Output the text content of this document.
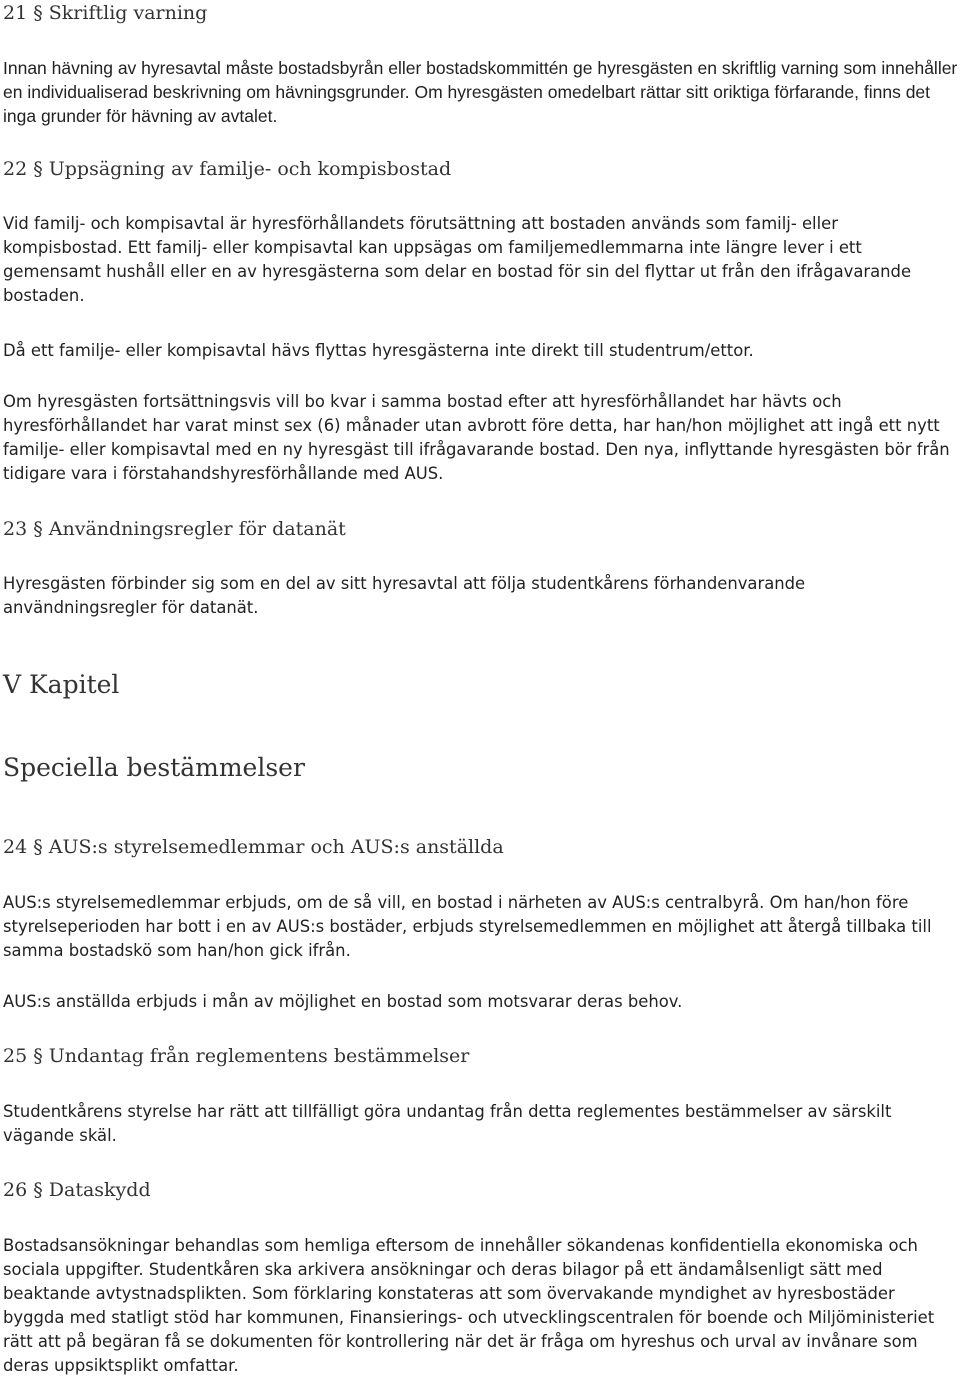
21 § Skriftlig varning

Innan hävning av hyresavtal måste bostadsbyrån eller bostadskommittén ge hyresgästen en skriftlig varning som innehåller en individualiserad beskrivning om hävningsgrunder. Om hyresgästen omedelbart rättar sitt oriktiga förfarande, finns det inga grunder för hävning av avtalet.

22 § Uppsägning av familje- och kompisbostad

Vid familj- och kompisavtal är hyresförhållandets förutsättning att bostaden används som familj- eller kompisbostad. Ett familj- eller kompisavtal kan uppsägas om familjemedlemmarna inte längre lever i ett gemensamt hushåll eller en av hyresgästerna som delar en bostad för sin del flyttar ut från den ifrågavarande bostaden.

Då ett familje- eller kompisavtal hävs flyttas hyresgästerna inte direkt till studentrum/ettor.

Om hyresgästen fortsättningsvis vill bo kvar i samma bostad efter att hyresförhållandet har hävts och hyresförhållandet har varat minst sex (6) månader utan avbrott före detta, har han/hon möjlighet att ingå ett nytt familje- eller kompisavtal med en ny hyresgäst till ifrågavarande bostad. Den nya, inflyttande hyresgästen bör från tidigare vara i förstahandshyresförhållande med AUS.

23 § Användningsregler för datanät

Hyresgästen förbinder sig som en del av sitt hyresavtal att följa studentkårens förhandenvarande användningsregler för datanät.

V Kapitel
Speciella bestämmelser
24 § AUS:s styrelsemedlemmar och AUS:s anställda

AUS:s styrelsemedlemmar erbjuds, om de så vill, en bostad i närheten av AUS:s centralbyrå. Om han/hon före styrelseperioden har bott i en av AUS:s bostäder, erbjuds styrelsemedlemmen en möjlighet att återgå tillbaka till samma bostadskö som han/hon gick ifrån.

AUS:s anställda erbjuds i mån av möjlighet en bostad som motsvarar deras behov.

25 § Undantag från reglementens bestämmelser

Studentkårens styrelse har rätt att tillfälligt göra undantag från detta reglementes bestämmelser av särskilt vägande skäl.

26 § Dataskydd

Bostadsansökningar behandlas som hemliga eftersom de innehåller sökandenas konfidentiella ekonomiska och sociala uppgifter. Studentkåren ska arkivera ansökningar och deras bilagor på ett ändamålsenligt sätt med beaktande avtystnadsplikten. Som förklaring konstateras att som övervakande myndighet av hyresbostäder byggda med statligt stöd har kommunen, Finansierings- och utvecklingscentralen för boende och Miljöministeriet rätt att på begäran få se dokumenten för kontrollering när det är fråga om hyreshus och urval av invånare som deras uppsiktsplikt omfattar.
